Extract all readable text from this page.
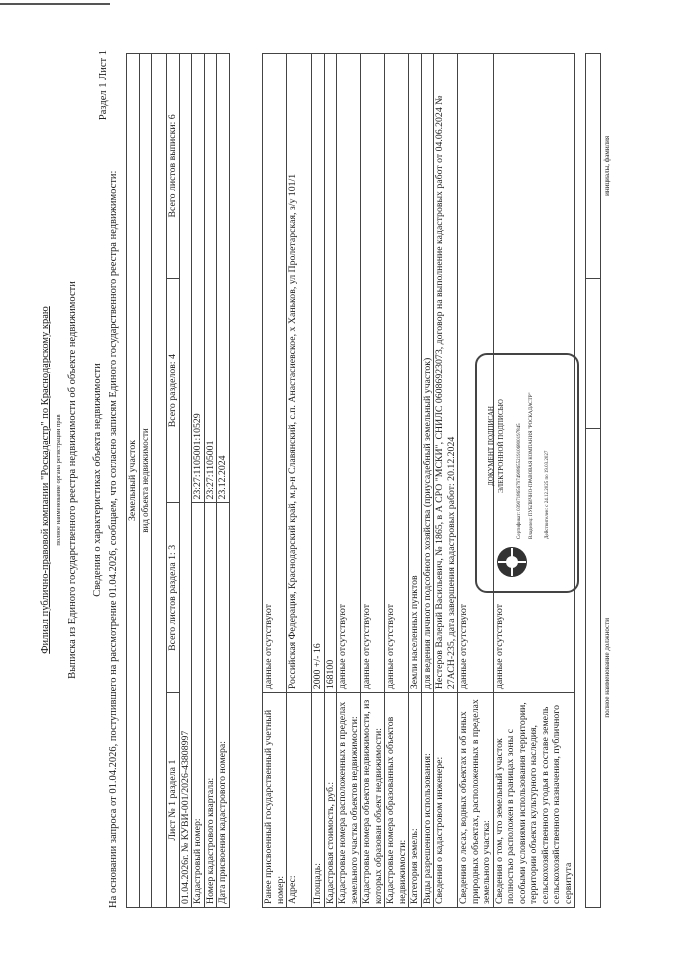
Филиал публично-правовой компании "Роскадастр" по Краснодарскому краю полное наименование органа регистрации прав Выписка из Единого государственного реестра недвижимости об объекте недвижимости Сведения о характеристиках объекта недвижимости На основании запроса от 01.04.2026, поступившего на рассмотрение 01.04.2026, сообщаем, что согласно записям Единого государственного реестра недвижимости:
Раздел 1 Лист 1
Земельный участок			
вид объекта недвижимости			

Лист № 1 раздела 1	Всего листов раздела 1: 3	Всего разделов: 4	Всего листов выписки: 6
01.04.2026г. № КУВИ-001/2026-43808997			
Кадастровый номер:		23:27:1105001:10529	
Номер кадастрового квартала:		23:27:1105001	
Дата присвоения кадастрового номера:		23.12.2024	
Ранее присвоенный государственный учетный номер:	данные отсутствуют
Адрес:	Российская Федерация, Краснодарский край, м.р-н Славянский, с.п. Анастасиевское, х Ханьков, ул Пролетарская, з/у 101/1
Площадь:	2000 +/- 16
Кадастровая стоимость, руб.:	168100
Кадастровые номера расположенных в пределах земельного участка объектов недвижимости:	данные отсутствуют
Кадастровые номера объектов недвижимости, из которых образован объект недвижимости:	данные отсутствуют
Кадастровые номера образованных объектов недвижимости:	данные отсутствуют
Категория земель:	Земли населенных пунктов
Виды разрешенного использования:	для ведения личного подсобного хозяйства (приусадебный земельный участок)
Сведения о кадастровом инженере:	Нестеров Валерий Васильевич, № 1865, в А СРО "МСКИ", СНИЛС 06086923073, договор на выполнение кадастровых работ от 04.06.2024 № 27АСН-235, дата завершения кадастровых работ: 20.12.2024
Сведения о лесах, водных объектах и об иных природных объектах, расположенных в пределах земельного участка:	данные отсутствуют
Сведения о том, что земельный участок полностью расположен в границах зоны с особыми условиями использования территории, территории объекта культурного наследия, сельскохозяйственного угодья в составе земель сельскохозяйственного назначения, публичного сервитута	данные отсутствуют
ДОКУМЕНТ ПОДПИСАН ЭЛЕКТРОННОЙ ПОДПИСЬЮ Сертификат: 03907186567974908655219106800197845 Владелец: ПУБЛИЧНО-ПРАВОВАЯ КОМПАНИЯ "РОСКАДАСТР" Действителен: с 24.12.2025 по 19.03.2027

полное наименование должности		инициалы, фамилия
